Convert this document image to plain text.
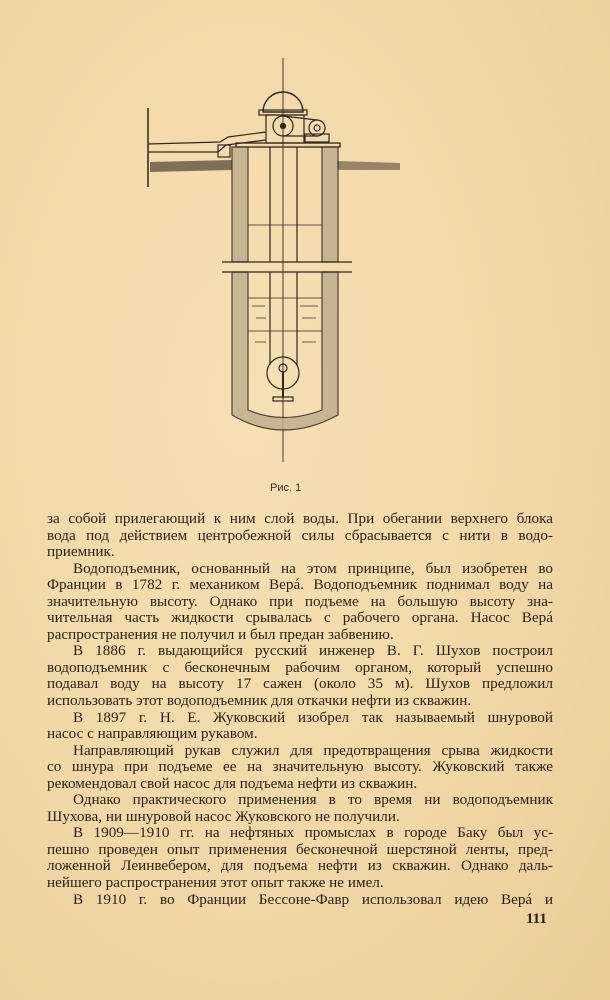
Рис. 1
за собой прилегающий к ним слой воды. При обегании верхнего блока
вода под действием центробежной силы сбрасывается с нити в водо-
приемник.
Водоподъемник, основанный на этом принципе, был изобретен во
Франции в 1782 г. механиком Верá. Водоподъемник поднимал воду на
значительную высоту. Однако при подъеме на большую высоту зна-
чительная часть жидкости срывалась с рабочего органа. Насос Верá
распространения не получил и был предан забвению.
В 1886 г. выдающийся русский инженер В. Г. Шухов построил
водоподъемник с бесконечным рабочим органом, который успешно
подавал воду на высоту 17 сажен (около 35 м). Шухов предложил
использовать этот водоподъемник для откачки нефти из скважин.
В 1897 г. Н. Е. Жуковский изобрел так называемый шнуровой
насос с направляющим рукавом.
Направляющий рукав служил для предотвращения срыва жидкости
со шнура при подъеме ее на значительную высоту. Жуковский также
рекомендовал свой насос для подъема нефти из скважин.
Однако практического применения в то время ни водоподъемник
Шухова, ни шнуровой насос Жуковского не получили.
В 1909—1910 гг. на нефтяных промыслах в городе Баку был ус-
пешно проведен опыт применения бесконечной шерстяной ленты, пред-
ложенной Леинвебером, для подъема нефти из скважин. Однако даль-
нейшего распространения этот опыт также не имел.
В 1910 г. во Франции Бессоне-Фавр использовал идею Верá и
111
